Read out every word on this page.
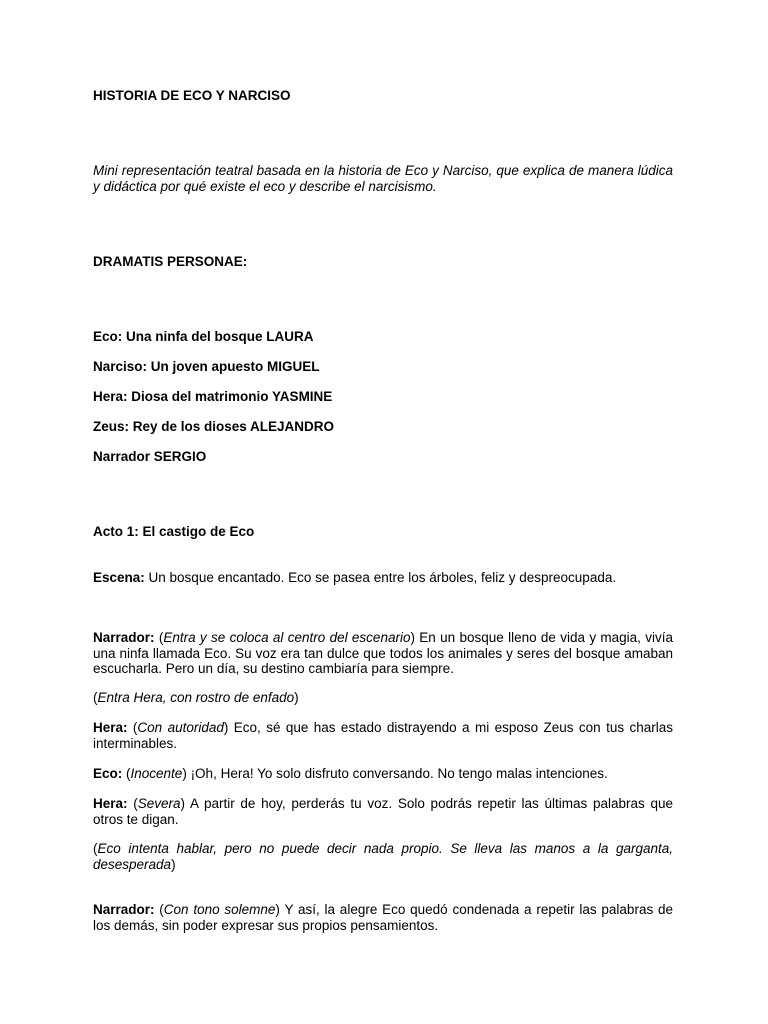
HISTORIA DE ECO Y NARCISO

Mini representación teatral basada en la historia de Eco y Narciso, que explica de manera lúdica y didáctica por qué existe el eco y describe el narcisismo.

DRAMATIS PERSONAE:

Eco: Una ninfa del bosque LAURA

Narciso: Un joven apuesto MIGUEL

Hera: Diosa del matrimonio YASMINE

Zeus: Rey de los dioses ALEJANDRO

Narrador SERGIO

Acto 1: El castigo de Eco

Escena: Un bosque encantado. Eco se pasea entre los árboles, feliz y despreocupada.

Narrador: (Entra y se coloca al centro del escenario) En un bosque lleno de vida y magia, vivía una ninfa llamada Eco. Su voz era tan dulce que todos los animales y seres del bosque amaban escucharla. Pero un día, su destino cambiaría para siempre.

(Entra Hera, con rostro de enfado)

Hera: (Con autoridad) Eco, sé que has estado distrayendo a mi esposo Zeus con tus charlas interminables.

Eco: (Inocente) ¡Oh, Hera! Yo solo disfruto conversando. No tengo malas intenciones.

Hera: (Severa) A partir de hoy, perderás tu voz. Solo podrás repetir las últimas palabras que otros te digan.

(Eco intenta hablar, pero no puede decir nada propio. Se lleva las manos a la garganta, desesperada)

Narrador: (Con tono solemne) Y así, la alegre Eco quedó condenada a repetir las palabras de los demás, sin poder expresar sus propios pensamientos.
